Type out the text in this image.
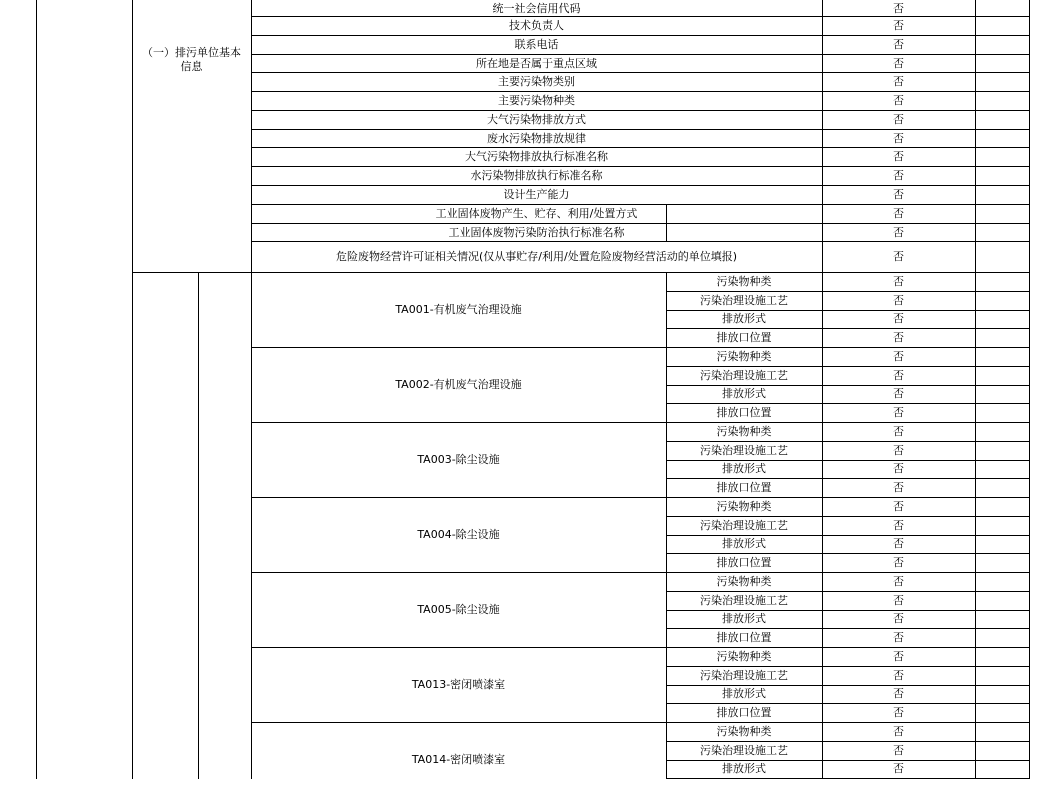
（一）排污单位基本信息
统一社会信用代码	否
技术负责人	否
联系电话	否
所在地是否属于重点区域	否
主要污染物类别	否
主要污染物种类	否
大气污染物排放方式	否
废水污染物排放规律	否
大气污染物排放执行标准名称	否
水污染物排放执行标准名称	否
设计生产能力	否
工业固体废物产生、贮存、利用/处置方式	否
工业固体废物污染防治执行标准名称	否
危险废物经营许可证相关情况(仅从事贮存/利用/处置危险废物经营活动的单位填报)	否
TA001-有机废气治理设施
污染物种类	否
污染治理设施工艺	否
排放形式	否
排放口位置	否
TA002-有机废气治理设施
污染物种类	否
污染治理设施工艺	否
排放形式	否
排放口位置	否
TA003-除尘设施
污染物种类	否
污染治理设施工艺	否
排放形式	否
排放口位置	否
TA004-除尘设施
污染物种类	否
污染治理设施工艺	否
排放形式	否
排放口位置	否
TA005-除尘设施
污染物种类	否
污染治理设施工艺	否
排放形式	否
排放口位置	否
TA013-密闭喷漆室
污染物种类	否
污染治理设施工艺	否
排放形式	否
排放口位置	否
TA014-密闭喷漆室
污染物种类	否
污染治理设施工艺	否
排放形式	否
